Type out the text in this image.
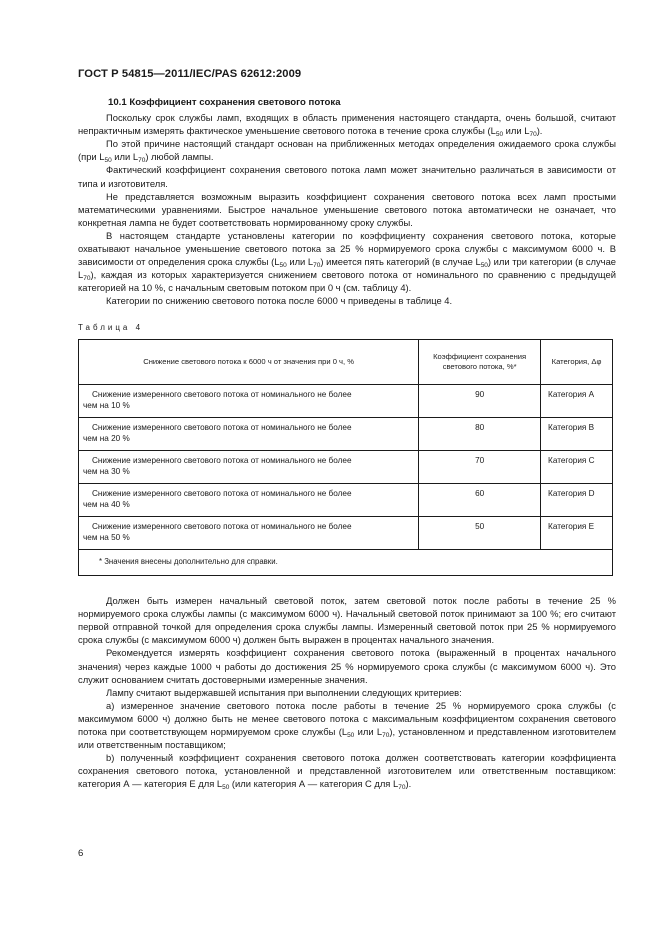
ГОСТ Р 54815—2011/IEC/PAS 62612:2009
10.1 Коэффициент сохранения светового потока

Поскольку срок службы ламп, входящих в область применения настоящего стандарта, очень большой, считают непрактичным измерять фактическое уменьшение светового потока в течение срока службы ($L_{50}$ или $L_{70}$).

По этой причине настоящий стандарт основан на приближенных методах определения ожидаемого срока службы (при $L_{50}$ или $L_{70}$) любой лампы.

Фактический коэффициент сохранения светового потока ламп может значительно различаться в зависимости от типа и изготовителя.

Не представляется возможным выразить коэффициент сохранения светового потока всех ламп простыми математическими уравнениями. Быстрое начальное уменьшение светового потока автоматически не означает, что конкретная лампа не будет соответствовать нормированному сроку службы.

В настоящем стандарте установлены категории по коэффициенту сохранения светового потока, которые охватывают начальное уменьшение светового потока за 25 % нормируемого срока службы с максимумом 6000 ч. В зависимости от определения срока службы ($L_{50}$ или $L_{70}$) имеется пять категорий (в случае $L_{50}$) или три категории (в случае $L_{70}$), каждая из которых характеризуется снижением светового потока от номинального по сравнению с предыдущей категорией на 10 %, с начальным световым потоком при 0 ч (см. таблицу 4).

Категории по снижению светового потока после 6000 ч приведены в таблице 4.

Таблица 4
Снижение светового потока к 6000 ч от значения при 0 ч, %	Коэффициент сохранения светового потока, %*	Категория, Δφ
Снижение измеренного светового потока от номинального не более
чем на 10 %	90	Категория А
Снижение измеренного светового потока от номинального не более
чем на 20 %	80	Категория В
Снижение измеренного светового потока от номинального не более
чем на 30 %	70	Категория С
Снижение измеренного светового потока от номинального не более
чем на 40 %	60	Категория D
Снижение измеренного светового потока от номинального не более
чем на 50 %	50	Категория Е
* Значения внесены дополнительно для справки.		

Должен быть измерен начальный световой поток, затем световой поток после работы в течение 25 % нормируемого срока службы лампы (с максимумом 6000 ч). Начальный световой поток принимают за 100 %; его считают первой отправной точкой для определения срока службы лампы. Измеренный световой поток при 25 % нормируемого срока службы (с максимумом 6000 ч) должен быть выражен в процентах начального значения.

Рекомендуется измерять коэффициент сохранения светового потока (выраженный в процентах начального значения) через каждые 1000 ч работы до достижения 25 % нормируемого срока службы (с максимумом 6000 ч). Это служит основанием считать достоверными измеренные значения.

Лампу считают выдержавшей испытания при выполнении следующих критериев:

а) измеренное значение светового потока после работы в течение 25 % нормируемого срока службы (с максимумом 6000 ч) должно быть не менее светового потока с максимальным коэффициентом сохранения светового потока при соответствующем нормируемом сроке службы ($L_{50}$ или $L_{70}$), установленном и представленном изготовителем или ответственным поставщиком;

b) полученный коэффициент сохранения светового потока должен соответствовать категории коэффициента сохранения светового потока, установленной и представленной изготовителем или ответственным поставщиком: категория А — категория Е для $L_{50}$ (или категория А — категория С для $L_{70}$).

6
